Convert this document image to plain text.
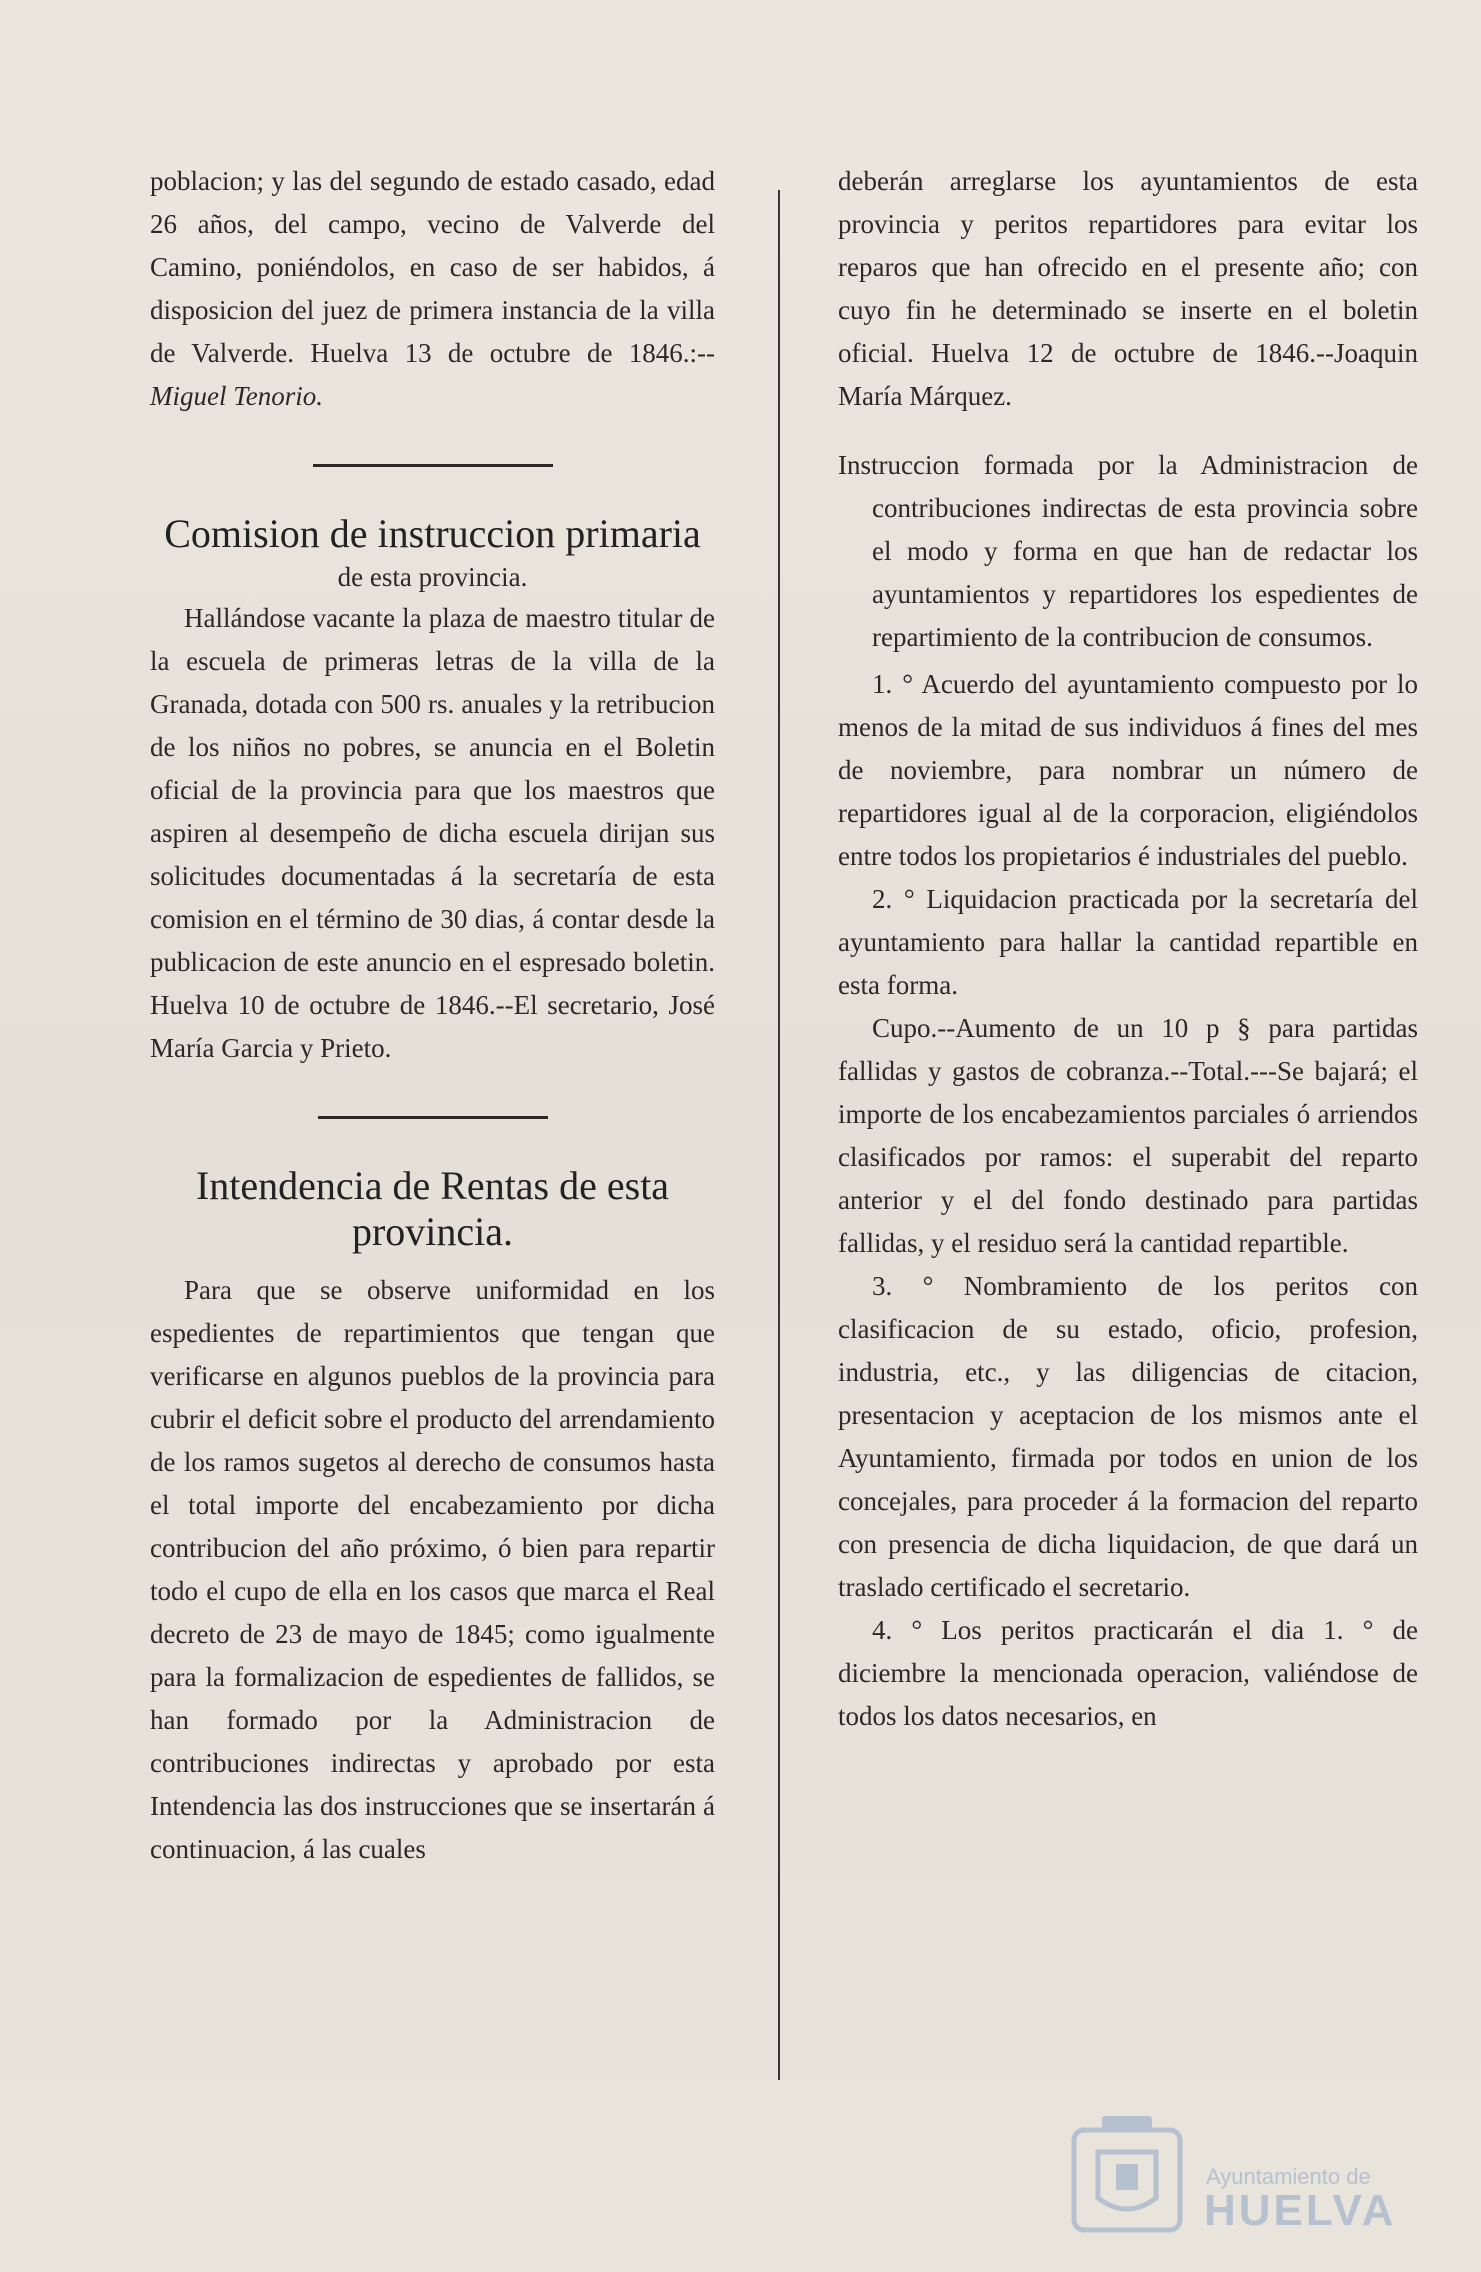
poblacion; y las del segundo de estado casado, edad 26 años, del campo, vecino de Valverde del Camino, poniéndolos, en caso de ser habidos, á disposicion del juez de primera instancia de la villa de Valverde. Huelva 13 de octubre de 1846.:--Miguel Tenorio.

Comision de instruccion primaria

de esta provincia.

Hallándose vacante la plaza de maestro titular de la escuela de primeras letras de la villa de la Granada, dotada con 500 rs. anuales y la retribucion de los niños no pobres, se anuncia en el Boletin oficial de la provincia para que los maestros que aspiren al desempeño de dicha escuela dirijan sus solicitudes documentadas á la secretaría de esta comision en el término de 30 dias, á contar desde la publicacion de este anuncio en el espresado boletin. Huelva 10 de octubre de 1846.--El secretario, José María Garcia y Prieto.

Intendencia de Rentas de esta provincia.

Para que se observe uniformidad en los espedientes de repartimientos que tengan que verificarse en algunos pueblos de la provincia para cubrir el deficit sobre el producto del arrendamiento de los ramos sugetos al derecho de consumos hasta el total importe del encabezamiento por dicha contribucion del año próximo, ó bien para repartir todo el cupo de ella en los casos que marca el Real decreto de 23 de mayo de 1845; como igualmente para la formalizacion de espedientes de fallidos, se han formado por la Administracion de contribuciones indirectas y aprobado por esta Intendencia las dos instrucciones que se insertarán á continuacion, á las cuales

deberán arreglarse los ayuntamientos de esta provincia y peritos repartidores para evitar los reparos que han ofrecido en el presente año; con cuyo fin he determinado se inserte en el boletin oficial. Huelva 12 de octubre de 1846.--Joaquin María Márquez.

Instruccion formada por la Administracion de contribuciones indirectas de esta provincia sobre el modo y forma en que han de redactar los ayuntamientos y repartidores los espedientes de repartimiento de la contribucion de consumos.

1. ° Acuerdo del ayuntamiento compuesto por lo menos de la mitad de sus individuos á fines del mes de noviembre, para nombrar un número de repartidores igual al de la corporacion, eligiéndolos entre todos los propietarios é industriales del pueblo.

2. ° Liquidacion practicada por la secretaría del ayuntamiento para hallar la cantidad repartible en esta forma.

Cupo.--Aumento de un 10 p § para partidas fallidas y gastos de cobranza.--Total.---Se bajará; el importe de los encabezamientos parciales ó arriendos clasificados por ramos: el superabit del reparto anterior y el del fondo destinado para partidas fallidas, y el residuo será la cantidad repartible.

3. ° Nombramiento de los peritos con clasificacion de su estado, oficio, profesion, industria, etc., y las diligencias de citacion, presentacion y aceptacion de los mismos ante el Ayuntamiento, firmada por todos en union de los concejales, para proceder á la formacion del reparto con presencia de dicha liquidacion, de que dará un traslado certificado el secretario.

4. ° Los peritos practicarán el dia 1. ° de diciembre la mencionada operacion, valiéndose de todos los datos necesarios, en

Ayuntamiento de
HUELVA
